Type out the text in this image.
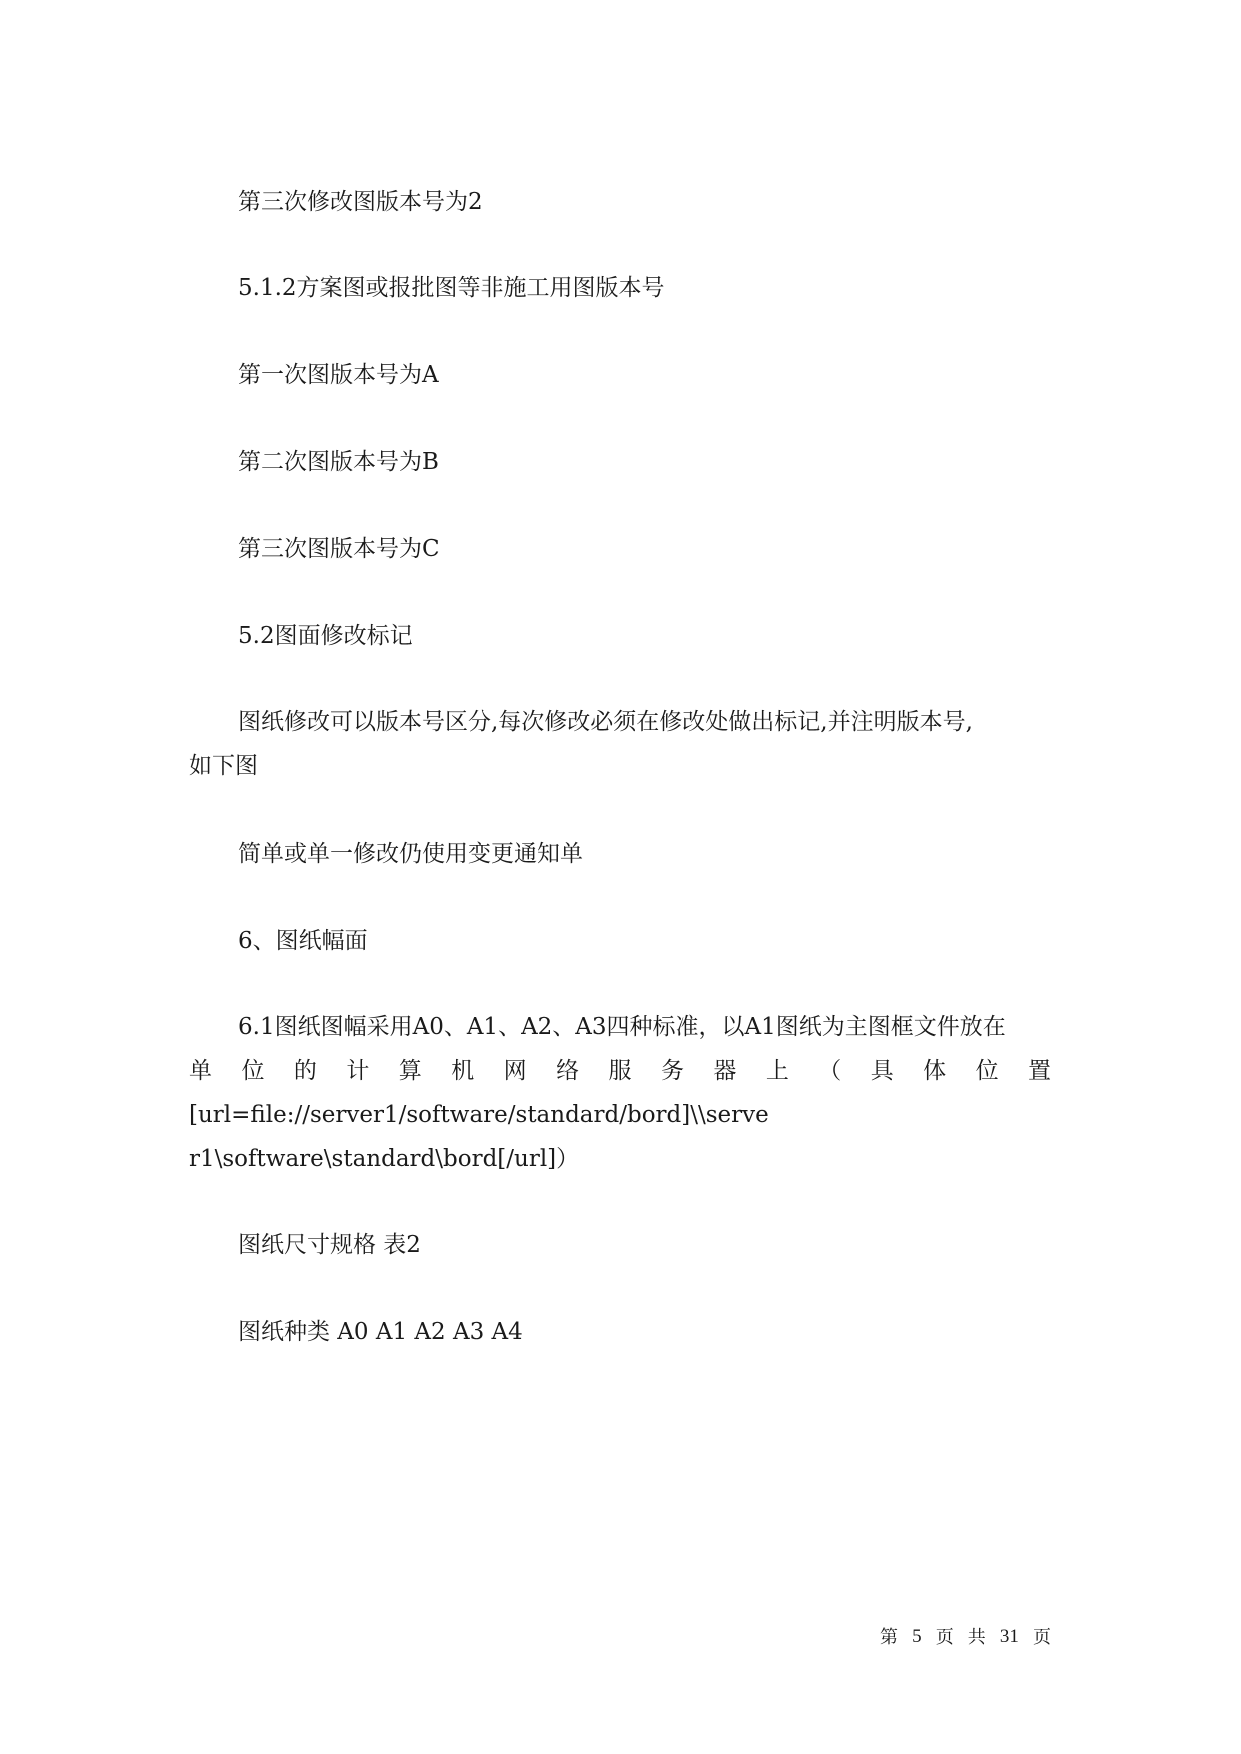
第三次修改图版本号为2
5.1.2方案图或报批图等非施工用图版本号
第一次图版本号为A
第二次图版本号为B
第三次图版本号为C
5.2图面修改标记
图纸修改可以版本号区分,每次修改必须在修改处做出标记,并注明版本号,
如下图
简单或单一修改仍使用变更通知单
6、图纸幅面
6.1图纸图幅采用A0、A1、A2、A3四种标准，以A1图纸为主图框文件放在
单 位 的 计 算 机 网 络 服 务 器 上 （ 具 体 位 置
[url=file://server1/software/standard/bord]\\serve
r1\software\standard\bord[/url]）
图纸尺寸规格 表2
图纸种类 A0 A1 A2 A3 A4
第 5 页 共 31 页
